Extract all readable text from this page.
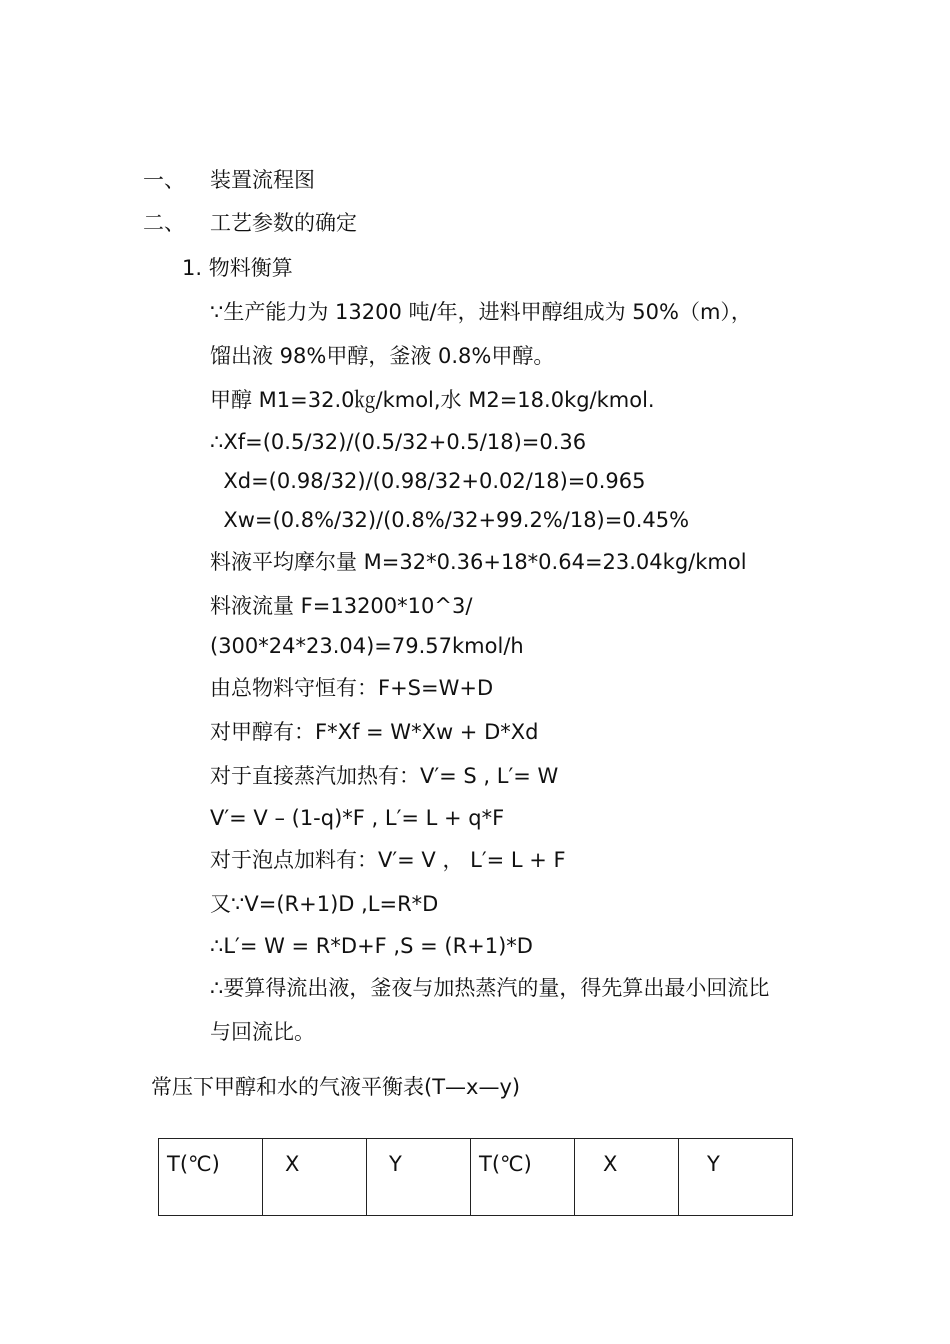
一、 装置流程图
二、 工艺参数的确定
1. 物料衡算
∵生产能力为 13200 吨/年，进料甲醇组成为 50%（m），
馏出液 98%甲醇，釜液 0.8%甲醇。
甲醇 M1=32.0㎏/kmol,水 M2=18.0kg/kmol.
∴Xf=(0.5/32)/(0.5/32+0.5/18)=0.36
Xd=(0.98/32)/(0.98/32+0.02/18)=0.965
Xw=(0.8%/32)/(0.8%/32+99.2%/18)=0.45%
料液平均摩尔量 M=32*0.36+18*0.64=23.04kg/kmol
料液流量 F=13200*10^3/
(300*24*23.04)=79.57kmol/h
由总物料守恒有：F+S=W+D
对甲醇有：F*Xf = W*Xw + D*Xd
对于直接蒸汽加热有：V′= S , L′= W
V′= V – (1-q)*F , L′= L + q*F
对于泡点加料有：V′= V ， L′= L + F
又∵V=(R+1)D ,L=R*D
∴L′= W = R*D+F ,S = (R+1)*D
∴要算得流出液，釜夜与加热蒸汽的量，得先算出最小回流比
与回流比。
常压下甲醇和水的气液平衡表(T—x—y)
T(℃)	X	Y	T(℃)	X	Y
